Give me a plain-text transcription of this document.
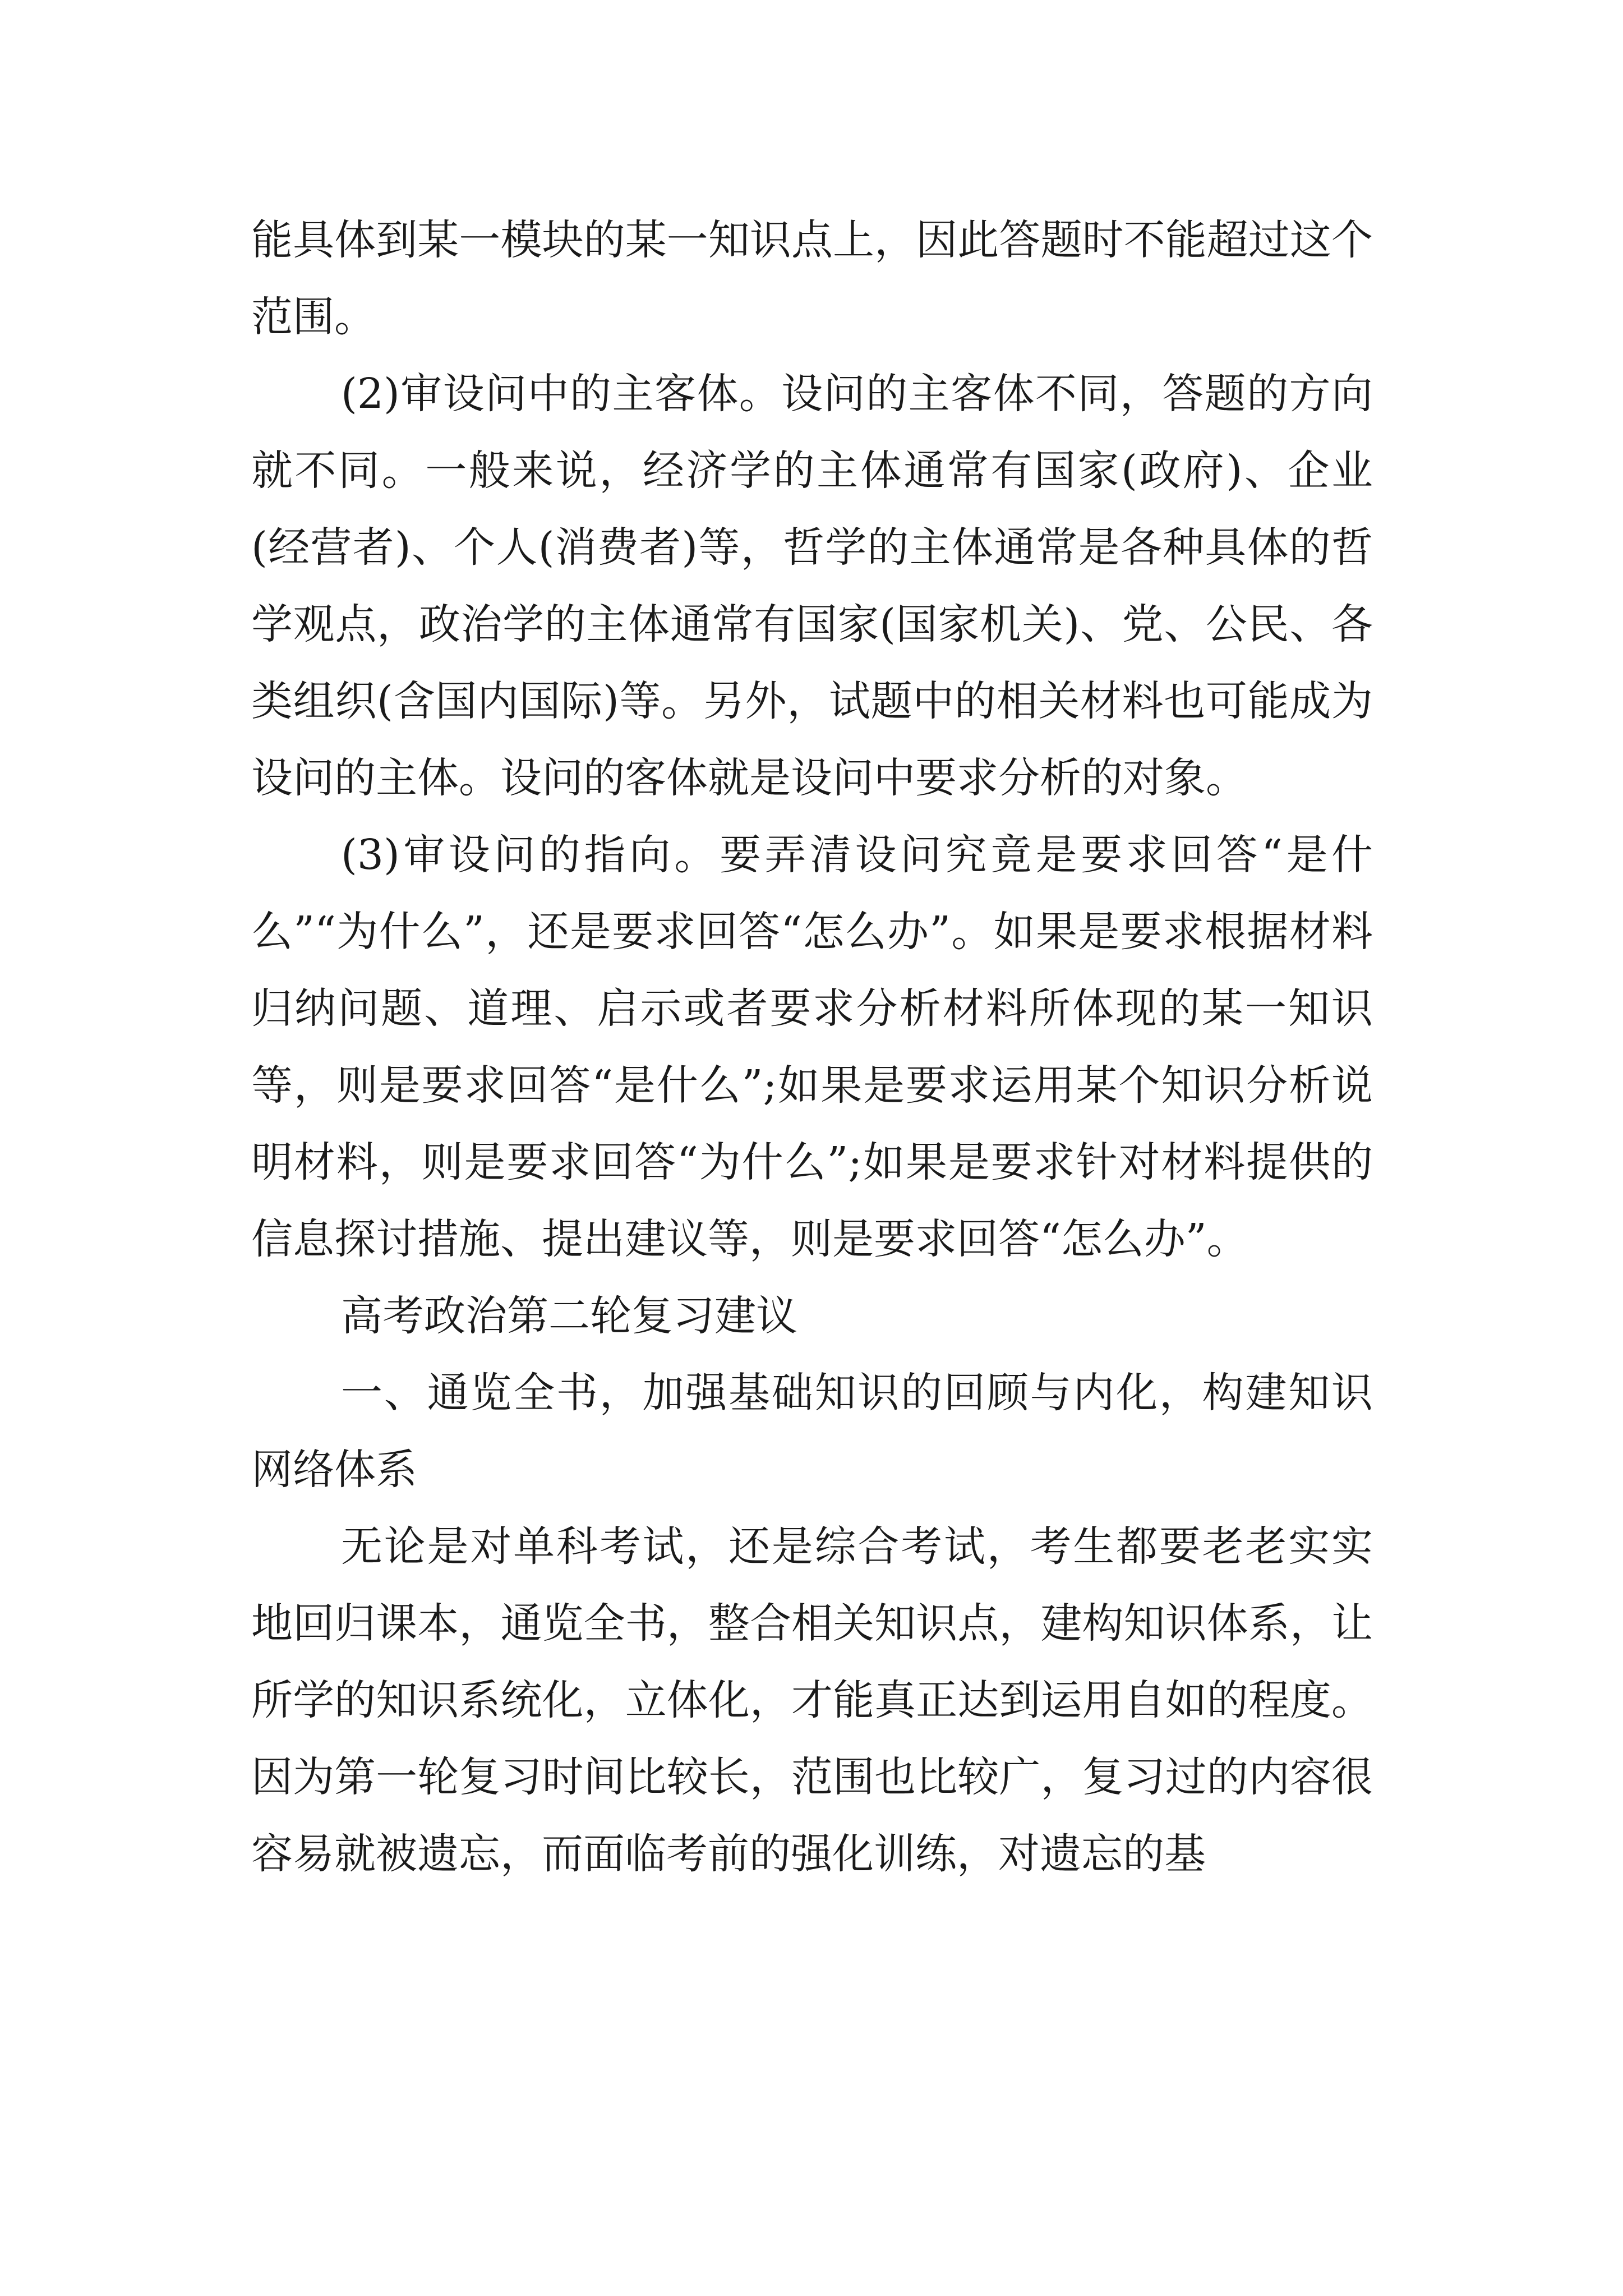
能具体到某一模块的某一知识点上，因此答题时不能超过这个范围。

(2)审设问中的主客体。设问的主客体不同，答题的方向就不同。一般来说，经济学的主体通常有国家(政府)、企业(经营者)、个人(消费者)等，哲学的主体通常是各种具体的哲学观点，政治学的主体通常有国家(国家机关)、党、公民、各类组织(含国内国际)等。另外，试题中的相关材料也可能成为设问的主体。设问的客体就是设问中要求分析的对象。

(3)审设问的指向。要弄清设问究竟是要求回答“是什么”“为什么”，还是要求回答“怎么办”。如果是要求根据材料归纳问题、道理、启示或者要求分析材料所体现的某一知识等，则是要求回答“是什么”;如果是要求运用某个知识分析说明材料，则是要求回答“为什么”;如果是要求针对材料提供的信息探讨措施、提出建议等，则是要求回答“怎么办”。

高考政治第二轮复习建议

一、通览全书，加强基础知识的回顾与内化，构建知识网络体系

无论是对单科考试，还是综合考试，考生都要老老实实地回归课本，通览全书，整合相关知识点，建构知识体系，让所学的知识系统化，立体化，才能真正达到运用自如的程度。因为第一轮复习时间比较长，范围也比较广，复习过的内容很容易就被遗忘，而面临考前的强化训练，对遗忘的基
